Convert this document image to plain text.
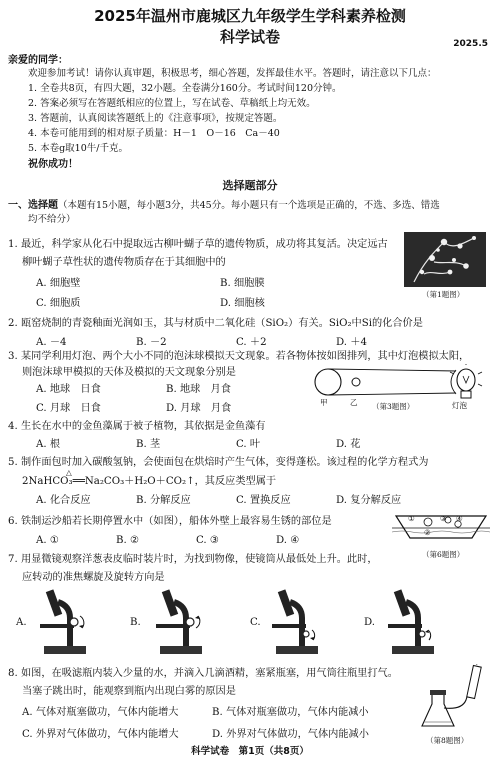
2025年温州市鹿城区九年级学生学科素养检测
科学试卷	2025.5
亲爱的同学：
欢迎参加考试！请你认真审题，积极思考，细心答题，发挥最佳水平。答题时，请注意以下几点：
1. 全卷共8页，有四大题，32小题。全卷满分160分。考试时间120分钟。
2. 答案必须写在答题纸相应的位置上，写在试卷、草稿纸上均无效。
3. 答题前，认真阅读答题纸上的《注意事项》，按规定答题。
4. 本卷可能用到的相对原子质量：H－1　O－16　Ca－40
5. 本卷g取10牛/千克。
祝你成功！
选择题部分
一、选择题（本题有15小题，每小题3分，共45分。每小题只有一个选项是正确的，不选、多选、错选
均不给分）
1. 最近，科学家从化石中提取远古柳叶蝴子草的遗传物质，成功将其复活。决定远古
柳叶蝴子草性状的遗传物质存在于其细胞中的
A. 细胞壁	B. 细胞膜
C. 细胞质	D. 细胞核
（第1题图）
2. 瓯窑烧制的青瓷釉面光润如玉，其与材质中二氧化硅（SiO₂）有关。SiO₂中Si的化合价是
A. －4	B. －2	C. ＋2	D. ＋4
3. 某同学利用灯泡、两个大小不同的泡沫球模拟天文现象。若各物体按如图排列，其中灯泡模拟太阳，
则泡沫球甲模拟的天体及模拟的天文现象分别是
A. 地球　日食	B. 地球　月食
C. 月球　日食	D. 月球　月食
甲	乙	灯泡
（第3题图）
4. 生长在水中的金鱼藻属于被子植物，其依据是金鱼藻有
A. 根	B. 茎	C. 叶	D. 花
5. 制作面包时加入碳酸氢钠，会使面包在烘焙时产生气体，变得蓬松。该过程的化学方程式为
△
2NaHCO₃══Na₂CO₃＋H₂O＋CO₂↑，其反应类型属于
A. 化合反应	B. 分解反应	C. 置换反应	D. 复分解反应
6. 铁制运沙船若长期停置水中（如图），船体外壁上最容易生锈的部位是
A. ①	B. ②	C. ③	D. ④
①
②
③ ④
（第6题图）
7. 用显微镜观察洋葱表皮临时装片时，为找到物像，使镜筒从最低处上升。此时，
应转动的准焦螺旋及旋转方向是
A.	B.	C.	D.
8. 如图，在吸滤瓶内装入少量的水，并滴入几滴酒精，塞紧瓶塞，用气筒往瓶里打气。
当塞子跳出时，能观察到瓶内出现白雾的原因是
A. 气体对瓶塞做功，气体内能增大	B. 气体对瓶塞做功，气体内能减小
C. 外界对气体做功，气体内能增大	D. 外界对气体做功，气体内能减小
（第8题图）
科学试卷　第1页（共8页）
